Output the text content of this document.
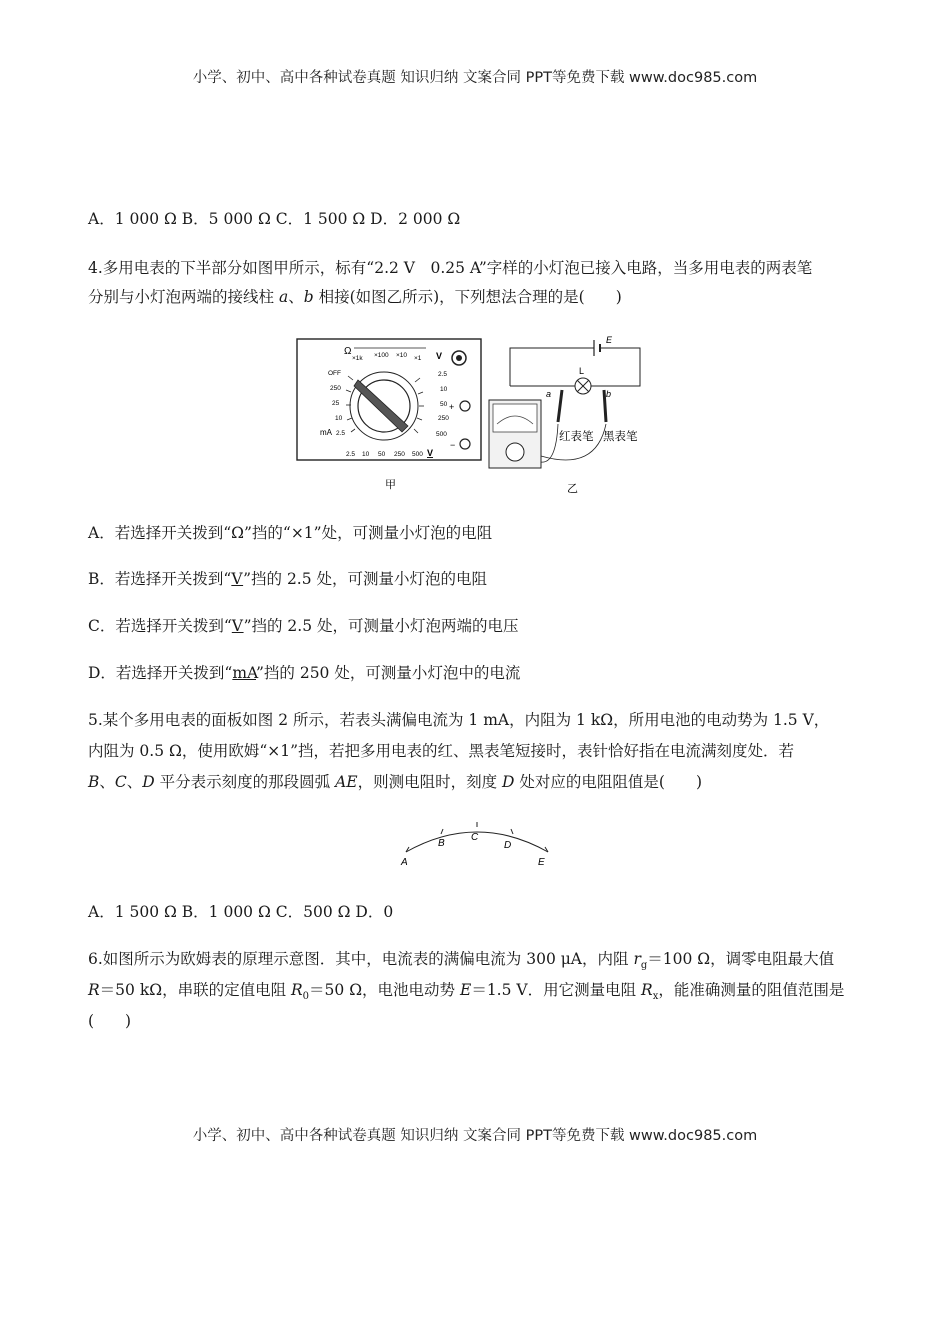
小学、初中、高中各种试卷真题 知识归纳 文案合同 PPT等免费下载 www.doc985.com
A．1 000 Ω B．5 000 Ω C．1 500 Ω D．2 000 Ω
4.多用电表的下半部分如图甲所示，标有“2.2 V　0.25 A”字样的小灯泡已接入电路，当多用电表的两表笔
分别与小灯泡两端的接线柱 a、b 相接(如图乙所示)，下列想法合理的是(　　)
Ω
×1k ×100 ×10 ×1 V
OFF
250
25
10
2.5
mA
2.5
10
50
250
500
2.5 10 50 250 500 V
+
−
甲
E
L
a	b
红表笔 黑表笔
乙
A．若选择开关拨到“Ω”挡的“×1”处，可测量小灯泡的电阻
B．若选择开关拨到“V”挡的 2.5 处，可测量小灯泡的电阻
C．若选择开关拨到“V”挡的 2.5 处，可测量小灯泡两端的电压
D．若选择开关拨到“mA”挡的 250 处，可测量小灯泡中的电流
5.某个多用电表的面板如图 2 所示，若表头满偏电流为 1 mA，内阻为 1 kΩ，所用电池的电动势为 1.5 V，
内阻为 0.5 Ω，使用欧姆“×1”挡，若把多用电表的红、黑表笔短接时，表针恰好指在电流满刻度处．若
B、C、D 平分表示刻度的那段圆弧 AE，则测电阻时，刻度 D 处对应的电阻阻值是(　　)
A
B
C
D
E
A．1 500 Ω B．1 000 Ω C．500 Ω D．0
6.如图所示为欧姆表的原理示意图．其中，电流表的满偏电流为 300 μA，内阻 $r_g=100$ Ω，调零电阻最大值
R＝50 kΩ，串联的定值电阻 $R_0=50$ Ω，电池电动势 E＝1.5 V．用它测量电阻 $R_x$，能准确测量的阻值范围是
(　　)
小学、初中、高中各种试卷真题 知识归纳 文案合同 PPT等免费下载 www.doc985.com
